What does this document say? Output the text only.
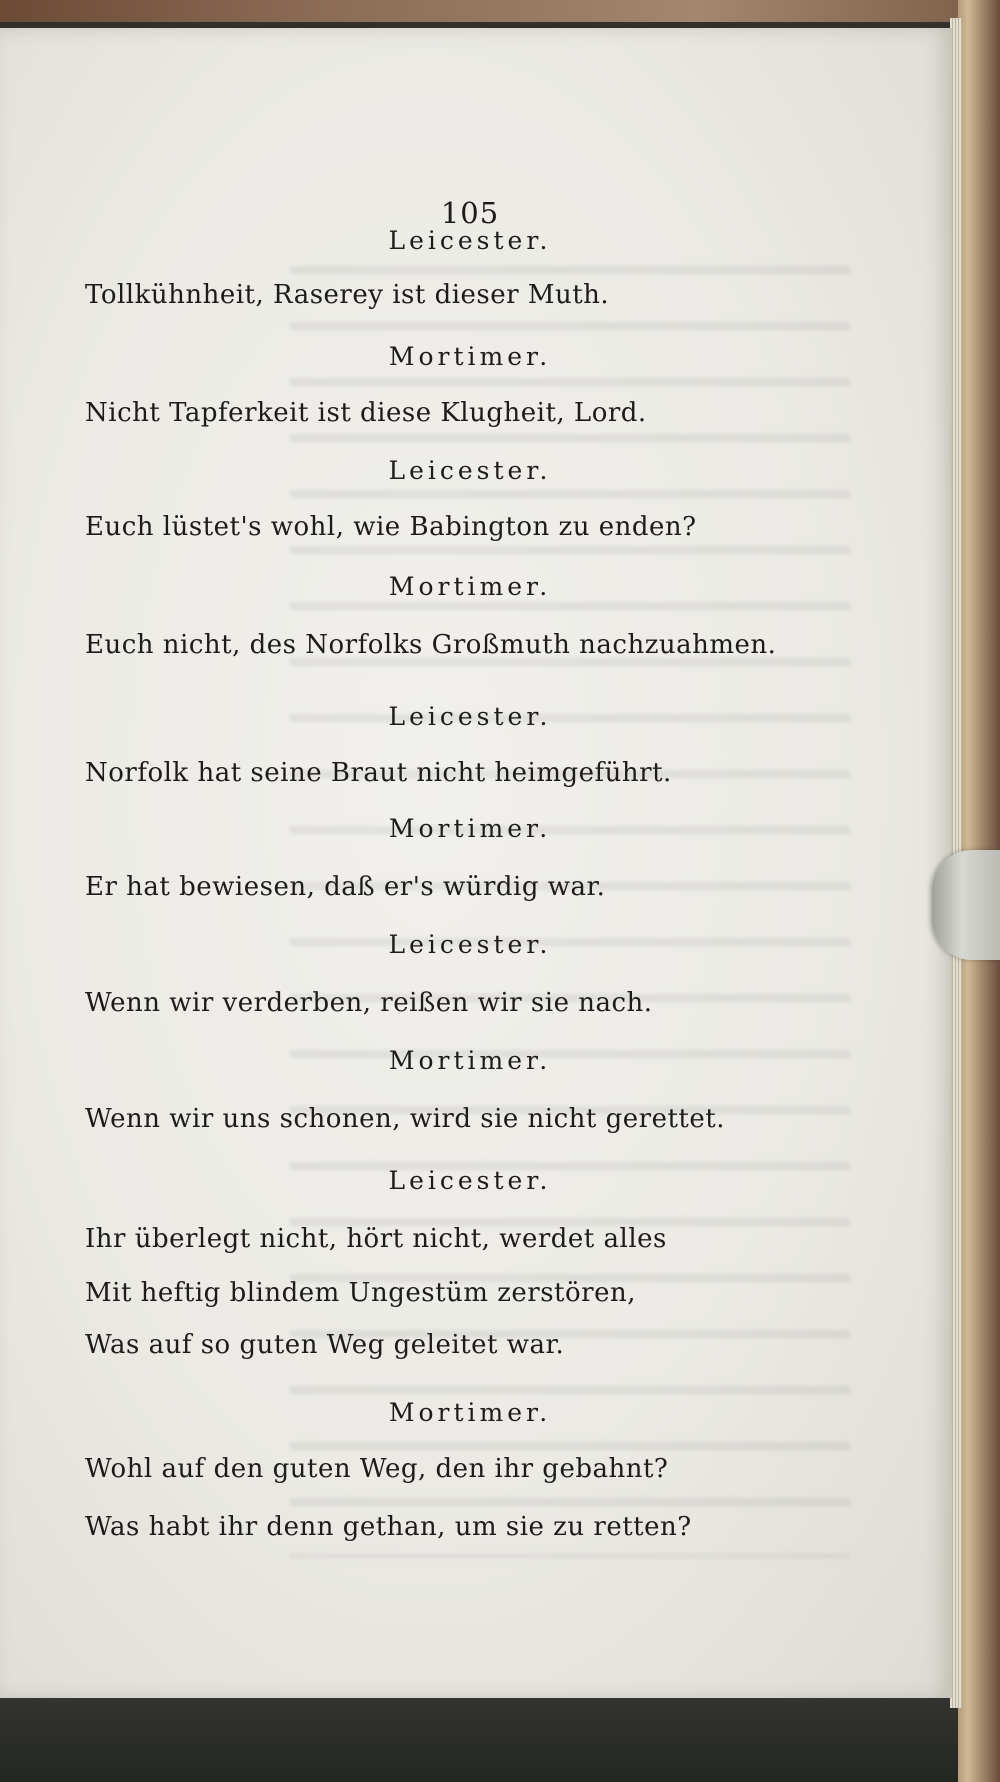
105
Leicester.
Tollkühnheit, Raserey ist dieser Muth.
Mortimer.
Nicht Tapferkeit ist diese Klugheit, Lord.
Leicester.
Euch lüstet's wohl, wie Babington zu enden?
Mortimer.
Euch nicht, des Norfolks Großmuth nachzuahmen.
Leicester.
Norfolk hat seine Braut nicht heimgeführt.
Mortimer.
Er hat bewiesen, daß er's würdig war.
Leicester.
Wenn wir verderben, reißen wir sie nach.
Mortimer.
Wenn wir uns schonen, wird sie nicht gerettet.
Leicester.
Ihr überlegt nicht, hört nicht, werdet alles
Mit heftig blindem Ungestüm zerstören,
Was auf so guten Weg geleitet war.
Mortimer.
Wohl auf den guten Weg, den ihr gebahnt?
Was habt ihr denn gethan, um sie zu retten?
